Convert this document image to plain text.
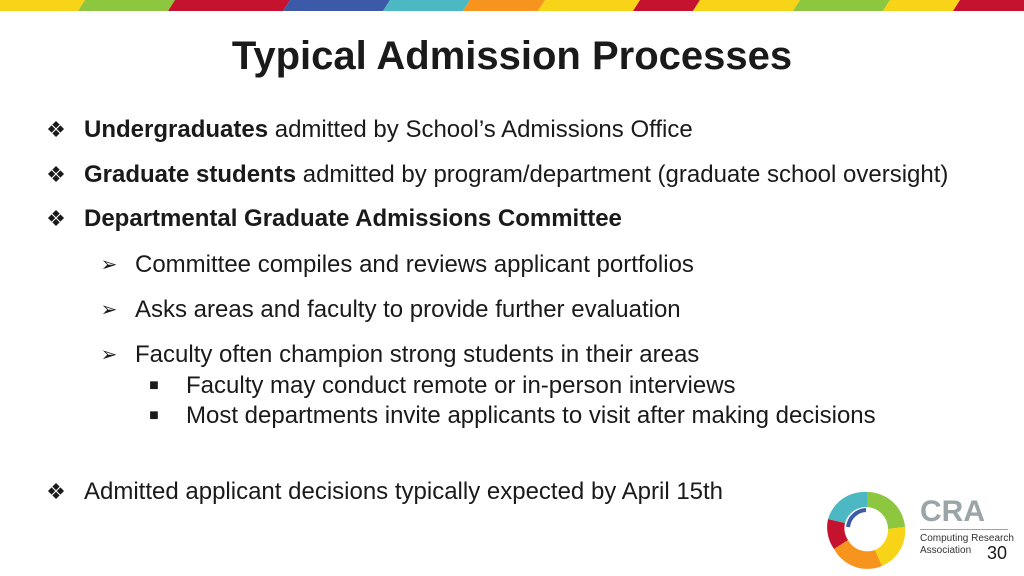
Typical Admission Processes
❖ Undergraduates admitted by School’s Admissions Office
❖ Graduate students admitted by program/department (graduate school oversight)
❖ Departmental Graduate Admissions Committee
➢ Committee compiles and reviews applicant portfolios
➢ Asks areas and faculty to provide further evaluation
➢ Faculty often champion strong students in their areas
■ Faculty may conduct remote or in-person interviews
■ Most departments invite applicants to visit after making decisions
❖ Admitted applicant decisions typically expected by April 15th
CRA
Computing Research
Association 30
